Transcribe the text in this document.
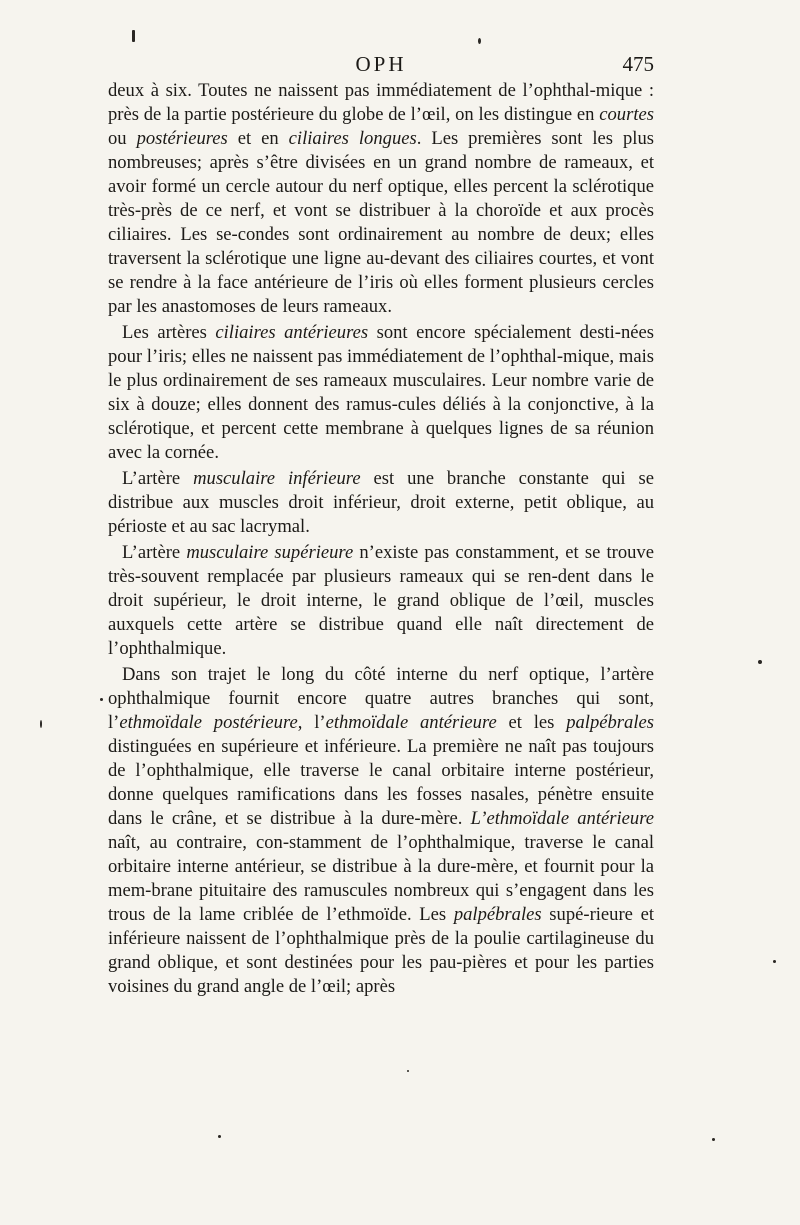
OPH	475

deux à six. Toutes ne naissent pas immédiatement de l’ophthal-mique : près de la partie postérieure du globe de l’œil, on les distingue en courtes ou postérieures et en ciliaires longues. Les premières sont les plus nombreuses; après s’être divisées en un grand nombre de rameaux, et avoir formé un cercle autour du nerf optique, elles percent la sclérotique très-près de ce nerf, et vont se distribuer à la choroïde et aux procès ciliaires. Les se-condes sont ordinairement au nombre de deux; elles traversent la sclérotique une ligne au-devant des ciliaires courtes, et vont se rendre à la face antérieure de l’iris où elles forment plusieurs cercles par les anastomoses de leurs rameaux.

Les artères ciliaires antérieures sont encore spécialement desti-nées pour l’iris; elles ne naissent pas immédiatement de l’ophthal-mique, mais le plus ordinairement de ses rameaux musculaires. Leur nombre varie de six à douze; elles donnent des ramus-cules déliés à la conjonctive, à la sclérotique, et percent cette membrane à quelques lignes de sa réunion avec la cornée.

L’artère musculaire inférieure est une branche constante qui se distribue aux muscles droit inférieur, droit externe, petit oblique, au périoste et au sac lacrymal.

L’artère musculaire supérieure n’existe pas constamment, et se trouve très-souvent remplacée par plusieurs rameaux qui se ren-dent dans le droit supérieur, le droit interne, le grand oblique de l’œil, muscles auxquels cette artère se distribue quand elle naît directement de l’ophthalmique.

Dans son trajet le long du côté interne du nerf optique, l’artère ophthalmique fournit encore quatre autres branches qui sont, l’ethmoïdale postérieure, l’ethmoïdale antérieure et les palpébrales distinguées en supérieure et inférieure. La première ne naît pas toujours de l’ophthalmique, elle traverse le canal orbitaire interne postérieur, donne quelques ramifications dans les fosses nasales, pénètre ensuite dans le crâne, et se distribue à la dure-mère. L’ethmoïdale antérieure naît, au contraire, con-stamment de l’ophthalmique, traverse le canal orbitaire interne antérieur, se distribue à la dure-mère, et fournit pour la mem-brane pituitaire des ramuscules nombreux qui s’engagent dans les trous de la lame criblée de l’ethmoïde. Les palpébrales supé-rieure et inférieure naissent de l’ophthalmique près de la poulie cartilagineuse du grand oblique, et sont destinées pour les pau-pières et pour les parties voisines du grand angle de l’œil; après
